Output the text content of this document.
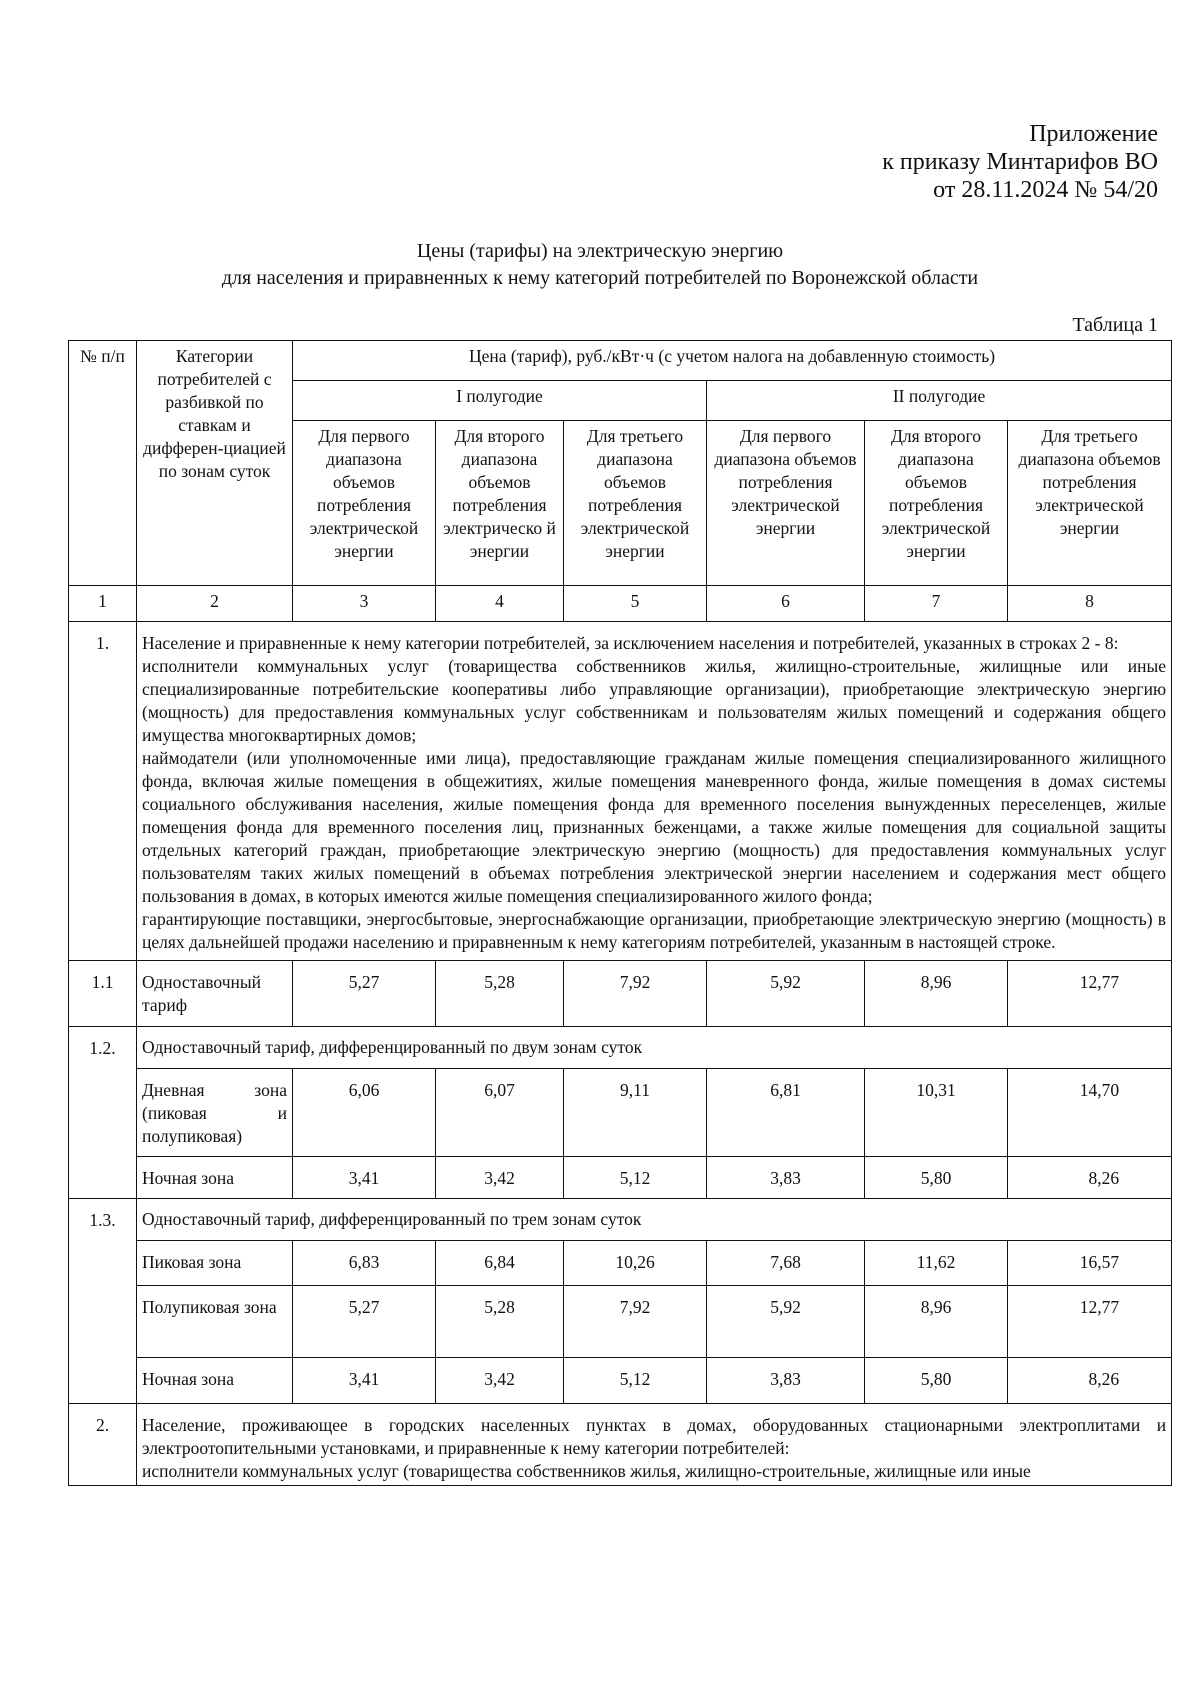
Приложение
к приказу Минтарифов ВО
от 28.11.2024 № 54/20
Цены (тарифы) на электрическую энергию
для населения и приравненных к нему категорий потребителей по Воронежской области
Таблица 1
№ п/п	Категории потребителей с разбивкой по ставкам и дифферен-циацией по зонам суток	Цена (тариф), руб./кВт·ч (с учетом налога на добавленную стоимость)					
		I полугодие			II полугодие		
		Для первого диапазона объемов потребления электрической энергии	Для второго диапазона объемов потребления электрическо й энергии	Для третьего диапазона объемов потребления электрической энергии	Для первого диапазона объемов потребления электрической энергии	Для второго диапазона объемов потребления электрической энергии	Для третьего диапазона объемов потребления электрической энергии
1	2	3	4	5	6	7	8
1.	Население и приравненные к нему категории потребителей, за исключением населения и потребителей, указанных в строках 2 - 8:

исполнители коммунальных услуг (товарищества собственников жилья, жилищно-строительные, жилищные или иные специализированные потребительские кооперативы либо управляющие организации), приобретающие электрическую энергию (мощность) для предоставления коммунальных услуг собственникам и пользователям жилых помещений и содержания общего имущества многоквартирных домов;

наймодатели (или уполномоченные ими лица), предоставляющие гражданам жилые помещения специализированного жилищного фонда, включая жилые помещения в общежитиях, жилые помещения маневренного фонда, жилые помещения в домах системы социального обслуживания населения, жилые помещения фонда для временного поселения вынужденных переселенцев, жилые помещения фонда для временного поселения лиц, признанных беженцами, а также жилые помещения для социальной защиты отдельных категорий граждан, приобретающие электрическую энергию (мощность) для предоставления коммунальных услуг пользователям таких жилых помещений в объемах потребления электрической энергии населением и содержания мест общего пользования в домах, в которых имеются жилые помещения специализированного жилого фонда;

гарантирующие поставщики, энергосбытовые, энергоснабжающие организации, приобретающие электрическую энергию (мощность) в целях дальнейшей продажи населению и приравненным к нему категориям потребителей, указанным в настоящей строке.						

1.1	Одноставочный тариф	5,27	5,28	7,92	5,92	8,96	12,77
1.2.	Одноставочный тариф, дифференцированный по двум зонам суток						
	Дневная зона (пиковая и полупиковая)	6,06	6,07	9,11	6,81	10,31	14,70
	Ночная зона	3,41	3,42	5,12	3,83	5,80	8,26
1.3.	Одноставочный тариф, дифференцированный по трем зонам суток						
	Пиковая зона	6,83	6,84	10,26	7,68	11,62	16,57
	Полупиковая зона	5,27	5,28	7,92	5,92	8,96	12,77
	Ночная зона	3,41	3,42	5,12	3,83	5,80	8,26
2.	Население, проживающее в городских населенных пунктах в домах, оборудованных стационарными электроплитами и электроотопительными установками, и приравненные к нему категории потребителей:

исполнители коммунальных услуг (товарищества собственников жилья, жилищно-строительные, жилищные или иные						
